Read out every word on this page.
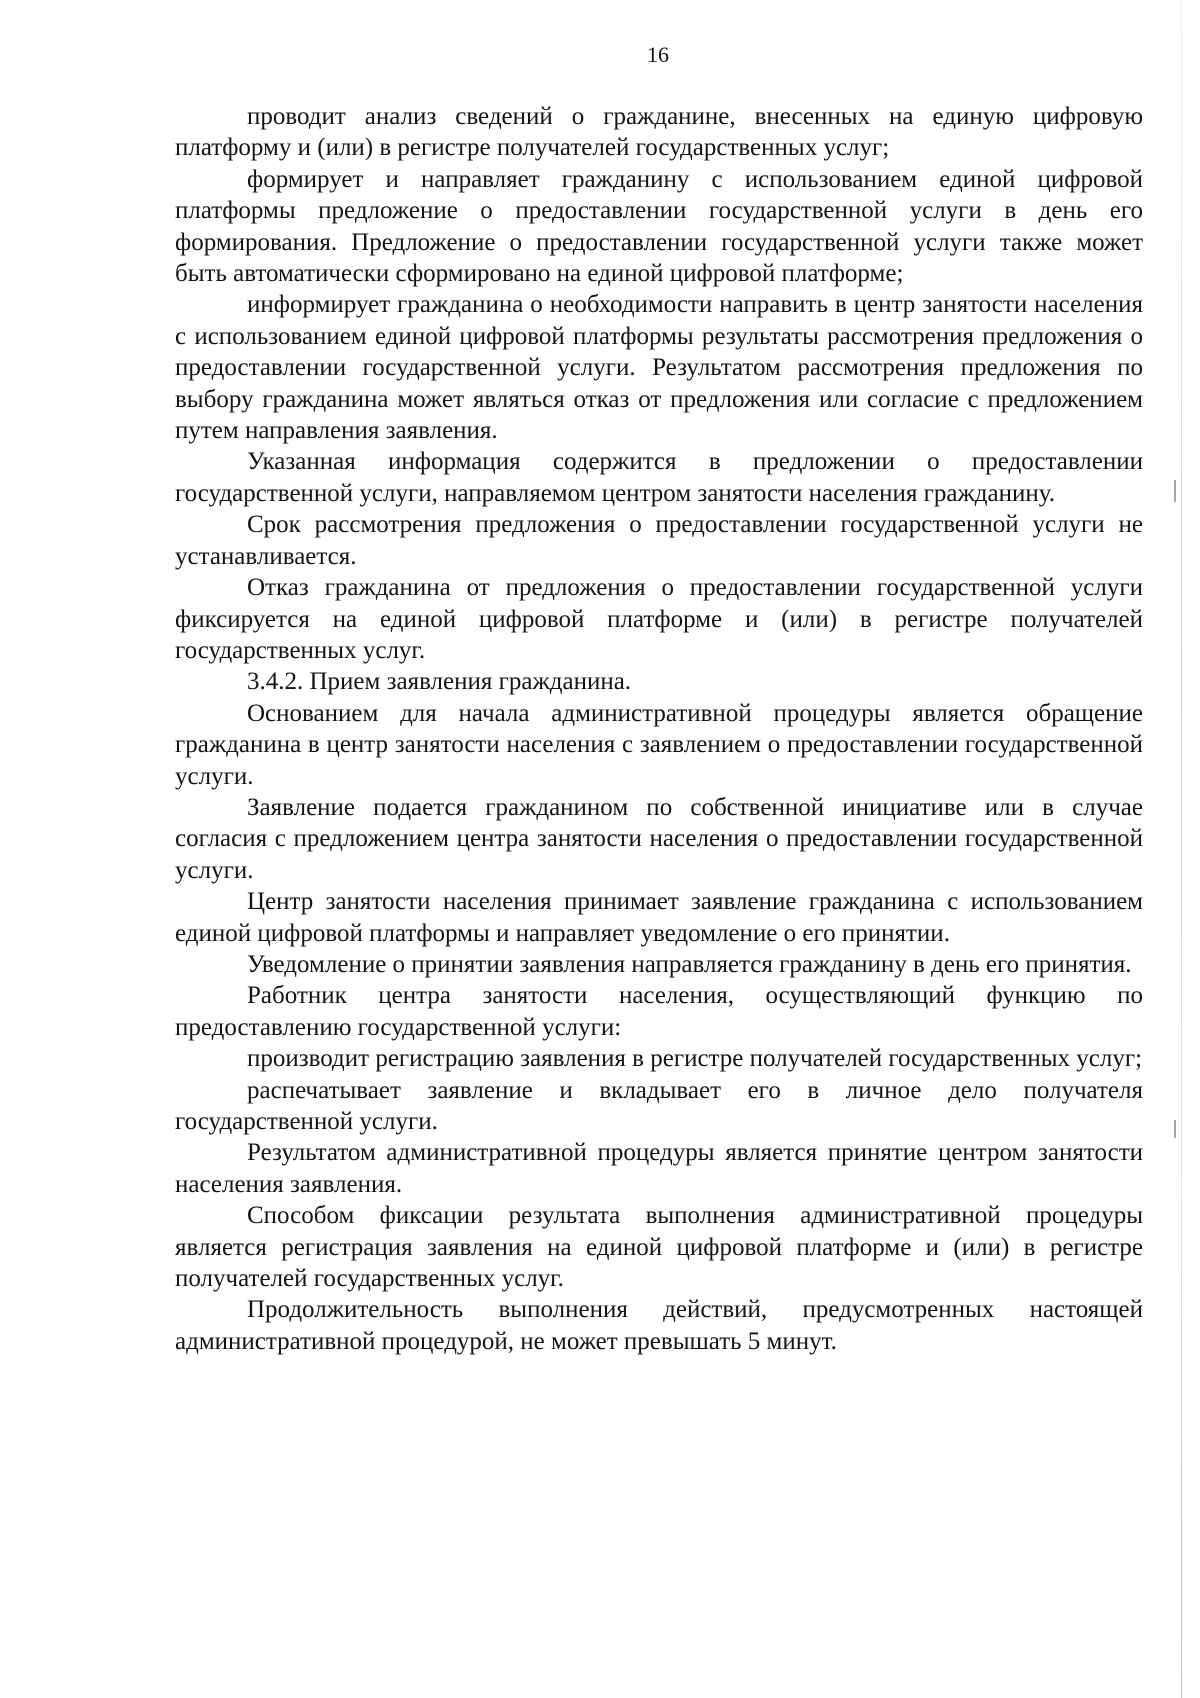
16

проводит анализ сведений о гражданине, внесенных на единую цифровую платформу и (или) в регистре получателей государственных услуг;

формирует и направляет гражданину с использованием единой цифровой платформы предложение о предоставлении государственной услуги в день его формирования. Предложение о предоставлении государственной услуги также может быть автоматически сформировано на единой цифровой платформе;

информирует гражданина о необходимости направить в центр занятости населения с использованием единой цифровой платформы результаты рассмотрения предложения о предоставлении государственной услуги. Результатом рассмотрения предложения по выбору гражданина может являться отказ от предложения или согласие с предложением путем направления заявления.

Указанная информация содержится в предложении о предоставлении государственной услуги, направляемом центром занятости населения гражданину.

Срок рассмотрения предложения о предоставлении государственной услуги не устанавливается.

Отказ гражданина от предложения о предоставлении государственной услуги фиксируется на единой цифровой платформе и (или) в регистре получателей государственных услуг.

3.4.2. Прием заявления гражданина.

Основанием для начала административной процедуры является обращение гражданина в центр занятости населения с заявлением о предоставлении государственной услуги.

Заявление подается гражданином по собственной инициативе или в случае согласия с предложением центра занятости населения о предоставлении государственной услуги.

Центр занятости населения принимает заявление гражданина с использованием единой цифровой платформы и направляет уведомление о его принятии.

Уведомление о принятии заявления направляется гражданину в день его принятия.

Работник центра занятости населения, осуществляющий функцию по предоставлению государственной услуги:

производит регистрацию заявления в регистре получателей государственных услуг;

распечатывает заявление и вкладывает его в личное дело получателя государственной услуги.

Результатом административной процедуры является принятие центром занятости населения заявления.

Способом фиксации результата выполнения административной процедуры является регистрация заявления на единой цифровой платформе и (или) в регистре получателей государственных услуг.

Продолжительность выполнения действий, предусмотренных настоящей административной процедурой, не может превышать 5 минут.
